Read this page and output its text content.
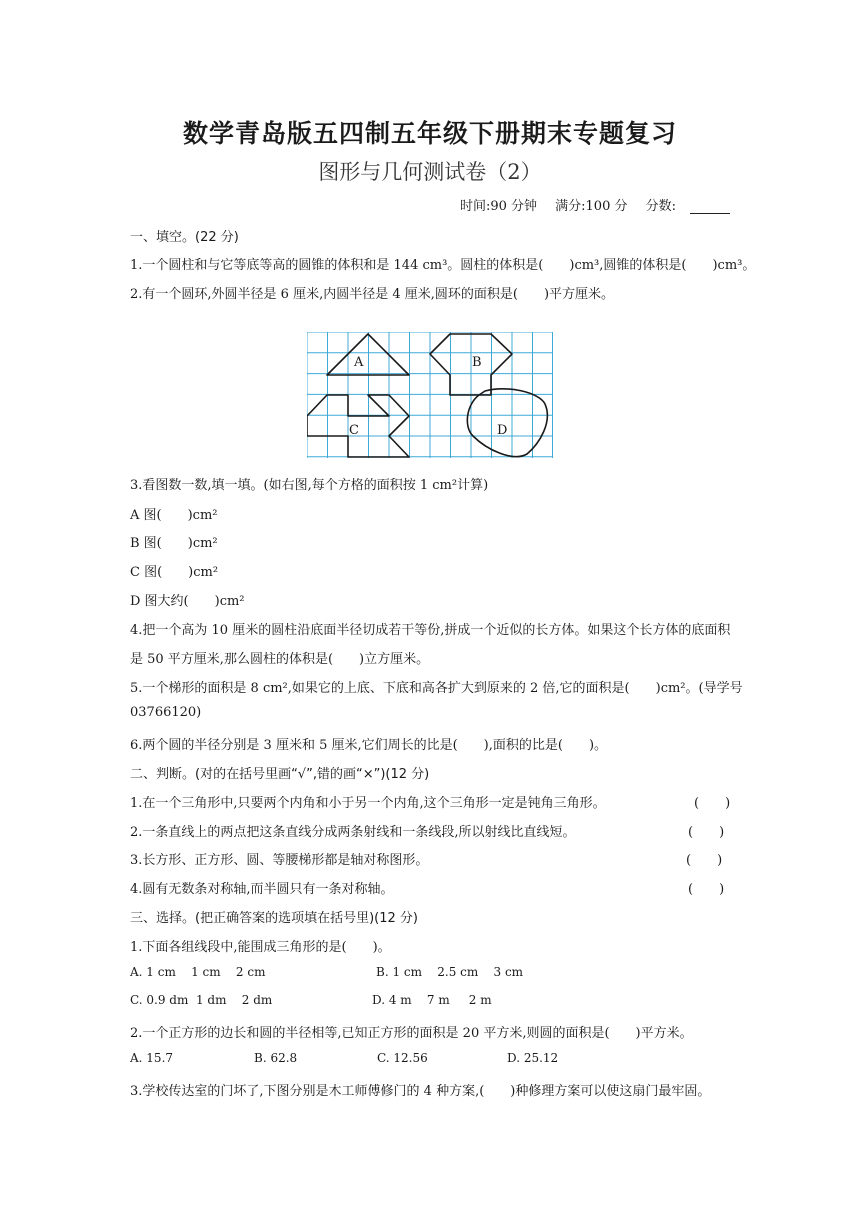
数学青岛版五四制五年级下册期末专题复习
图形与几何测试卷（2）
时间:90 分钟 满分:100 分 分数:
一、填空。(22 分)
1.一个圆柱和与它等底等高的圆锥的体积和是 144 cm³。圆柱的体积是(　　)cm³,圆锥的体积是(　　)cm³。
2.有一个圆环,外圆半径是 6 厘米,内圆半径是 4 厘米,圆环的面积是(　　)平方厘米。
A	B
C	D
3.看图数一数,填一填。(如右图,每个方格的面积按 1 cm²计算)
A 图(　　)cm²
B 图(　　)cm²
C 图(　　)cm²
D 图大约(　　)cm²
4.把一个高为 10 厘米的圆柱沿底面半径切成若干等份,拼成一个近似的长方体。如果这个长方体的底面积
是 50 平方厘米,那么圆柱的体积是(　　)立方厘米。
5.一个梯形的面积是 8 cm²,如果它的上底、下底和高各扩大到原来的 2 倍,它的面积是(　　)cm²。(导学号
03766120)
6.两个圆的半径分别是 3 厘米和 5 厘米,它们周长的比是(　　),面积的比是(　　)。
二、判断。(对的在括号里画“√”,错的画“×”)(12 分)
1.在一个三角形中,只要两个内角和小于另一个内角,这个三角形一定是钝角三角形。	(　　)
2.一条直线上的两点把这条直线分成两条射线和一条线段,所以射线比直线短。	(　　)
3.长方形、正方形、圆、等腰梯形都是轴对称图形。	(　　)
4.圆有无数条对称轴,而半圆只有一条对称轴。	(　　)
三、选择。(把正确答案的选项填在括号里)(12 分)
1.下面各组线段中,能围成三角形的是(　　)。
A. 1 cm    1 cm    2 cm	B. 1 cm    2.5 cm    3 cm
C. 0.9 dm  1 dm    2 dm	D. 4 m    7 m     2 m
2.一个正方形的边长和圆的半径相等,已知正方形的面积是 20 平方米,则圆的面积是(　　)平方米。
A. 15.7	B. 62.8	C. 12.56	D. 25.12
3.学校传达室的门坏了,下图分别是木工师傅修门的 4 种方案,(　　)种修理方案可以使这扇门最牢固。
